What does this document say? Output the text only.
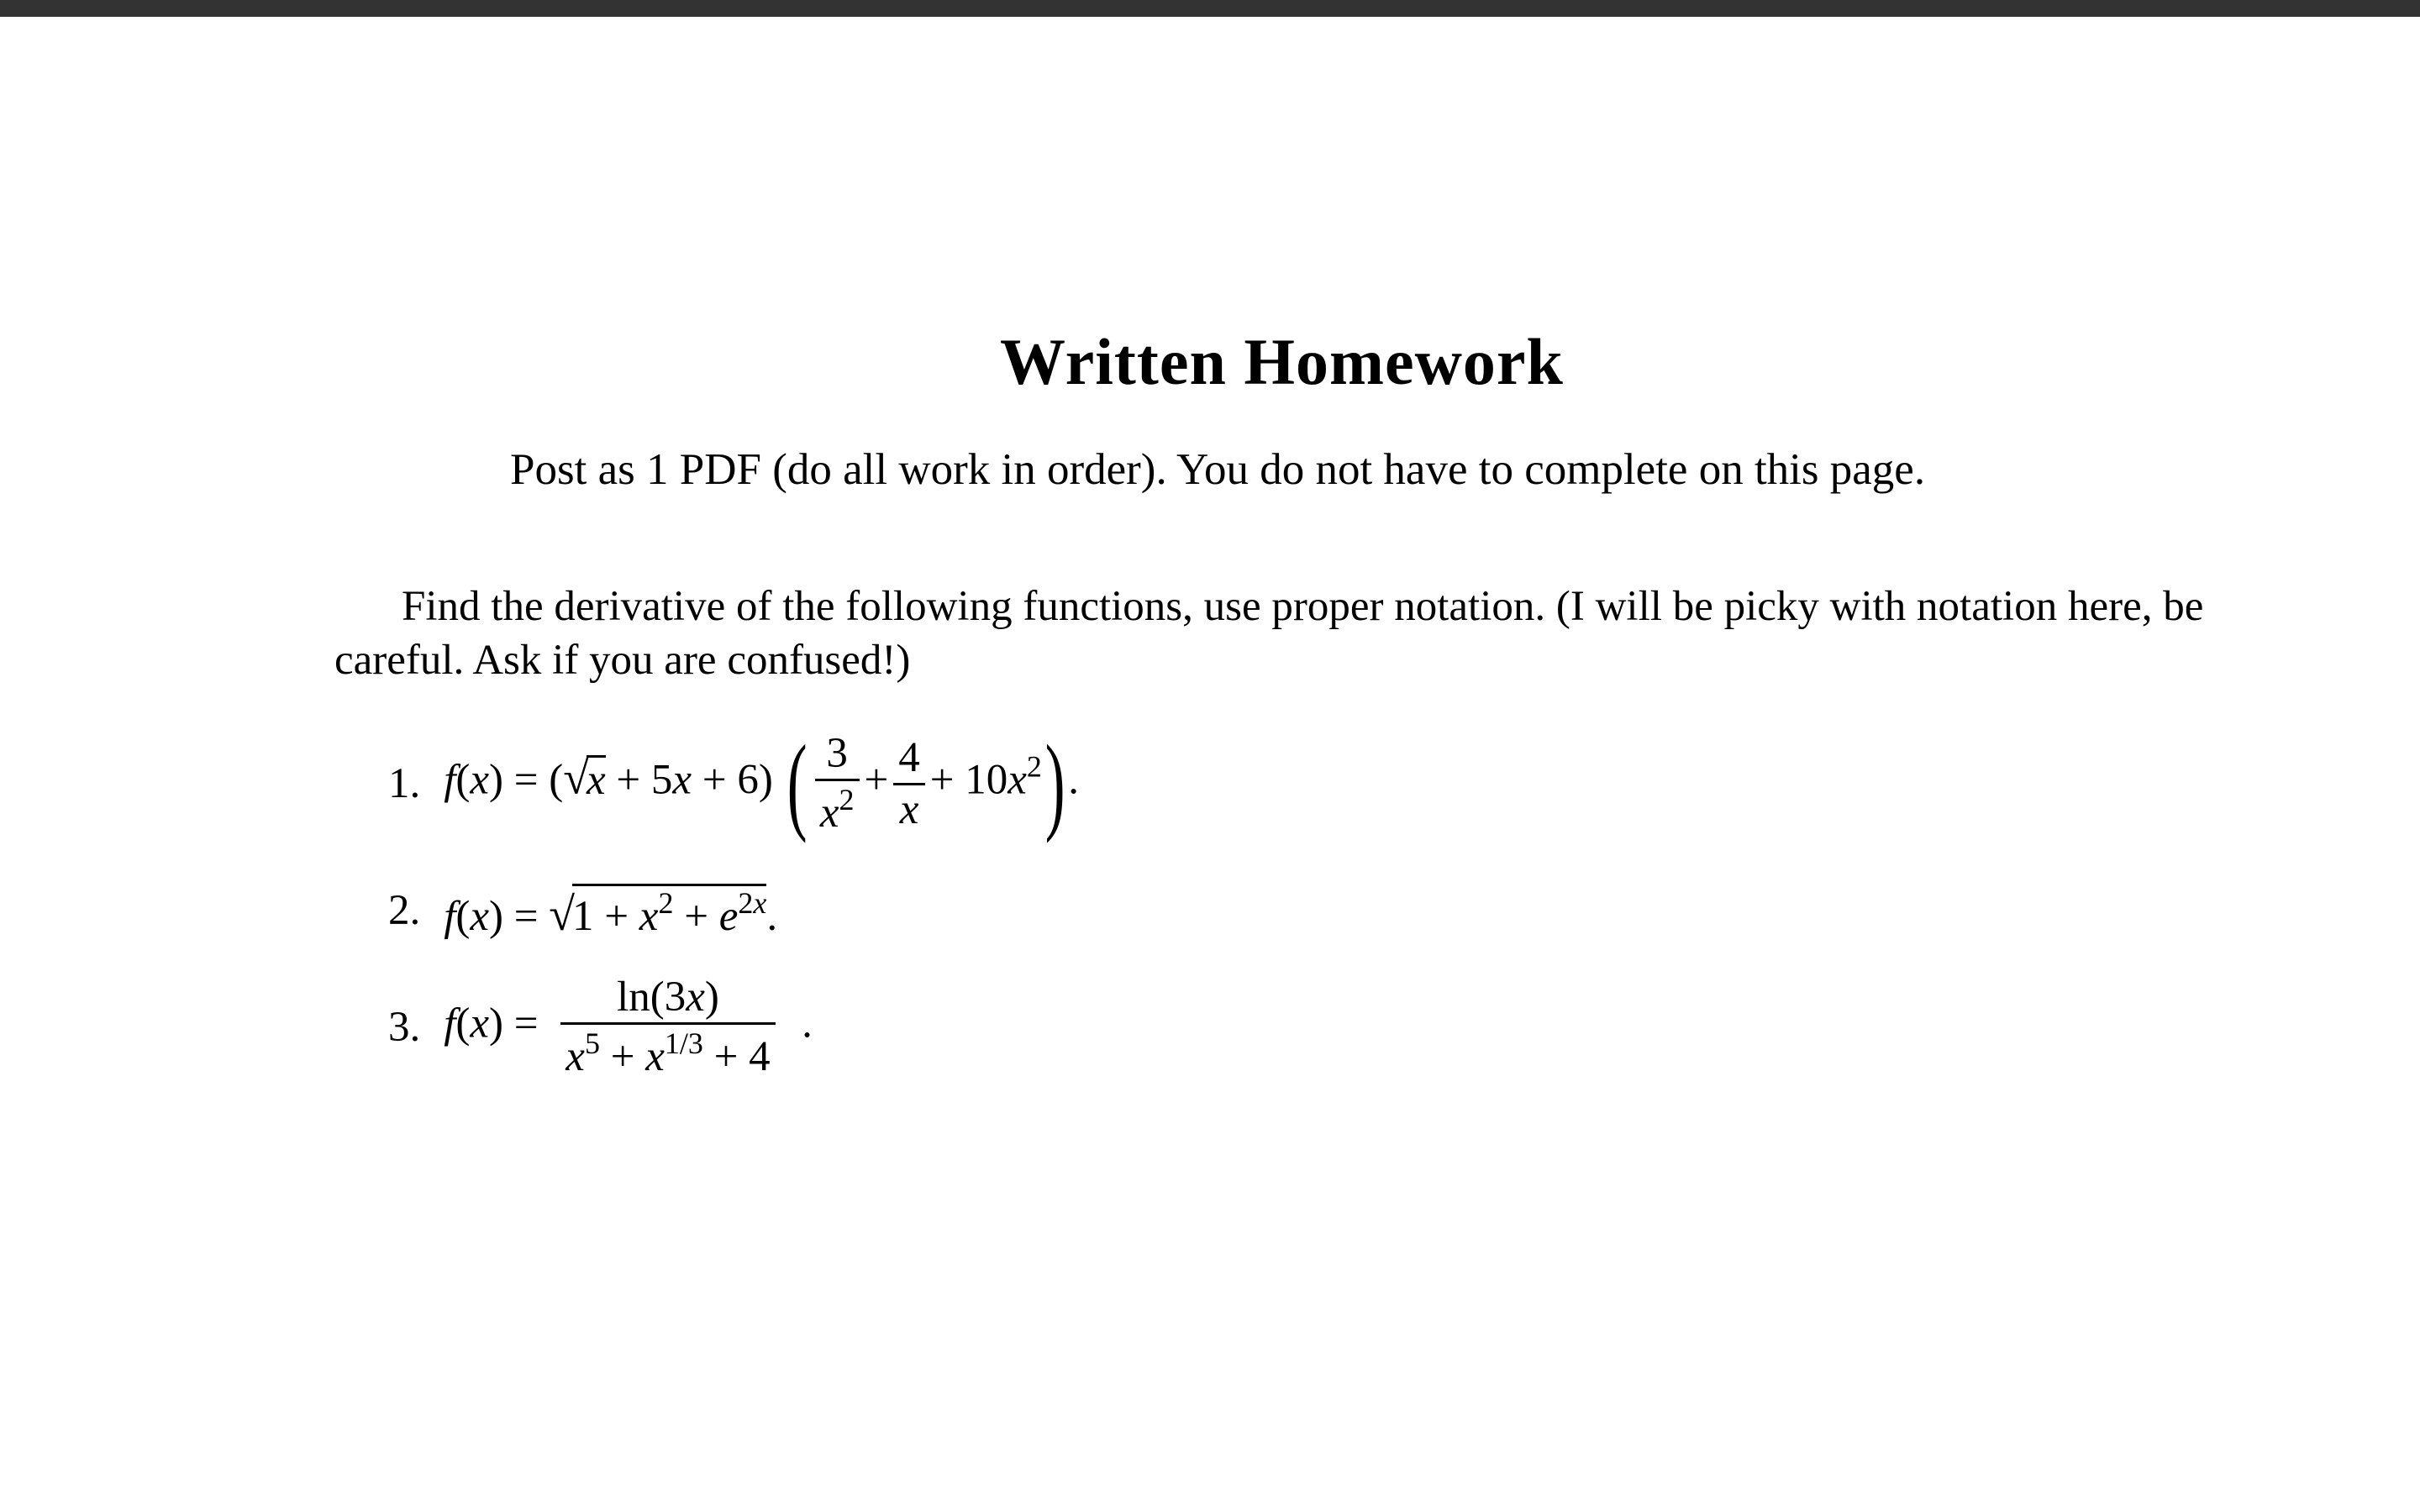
Written Homework
Post as 1 PDF (do all work in order). You do not have to complete on this page.
Find the derivative of the following functions, use proper notation. (I will be picky with notation here, be careful. Ask if you are confused!)
1. f(x) = (√x + 5x + 6) ( $\frac{3}{x^2} + \frac{4}{x} + 10x^2$).
2. $f(x) = √1 + x^2 + e^{2x}$.
3. $f(x) = \frac{\ln(3x)}{x^5 + x^{1/3} + 4}$ .
